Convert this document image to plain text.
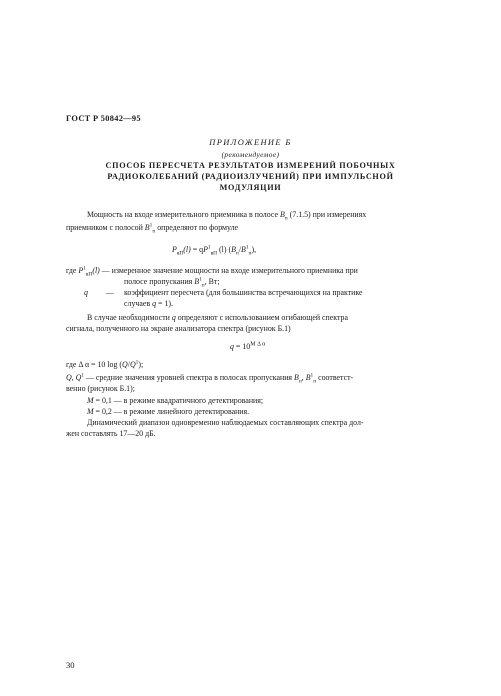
ГОСТ Р 50842—95
ПРИЛОЖЕНИЕ Б
(рекомендуемое)
СПОСОБ ПЕРЕСЧЕТА РЕЗУЛЬТАТОВ ИЗМЕРЕНИЙ ПОБОЧНЫХ
РАДИОКОЛЕБАНИЙ (РАДИОИЗЛУЧЕНИЙ) ПРИ ИМПУЛЬСНОЙ
МОДУЛЯЦИИ
Мощность на входе измерительного приемника в полосе $B_п$ (7.1.5) при измерениях
приемником с полосой $B^1_п$ определяют по формуле
$P_{вП}(l) = qP^1_{вП}$ (l) $(B_п/B^1_п)$,
где $P^1_{вП}(l)$ — измеренное значение мощности на входе измерительного приемника при
полосе пропускания $B^1_п$, Вт;
q — коэффициент пересчета (для большинства встречающихся на практике
случаев q = 1).
В случае необходимости q определяют с использованием огибающей спектра
сигнала, полученного на экране анализатора спектра (рисунок Б.1)
$q = 10^{M \Delta \alpha}$
где Δ α = 10 $\log (Q/Q^1)$;
Q, $Q^1$ — средние значения уровней спектра в полосах пропускания $B_п$, $B^1_п$ соответст-
венно (рисунок Б.1);
M = 0,1 — в режиме квадратичного детектирования;
M = 0,2 — в режиме линейного детектирования.
Динамический диапазон одновременно наблюдаемых составляющих спектра дол-
жен составлять 17—20 дБ.
30
